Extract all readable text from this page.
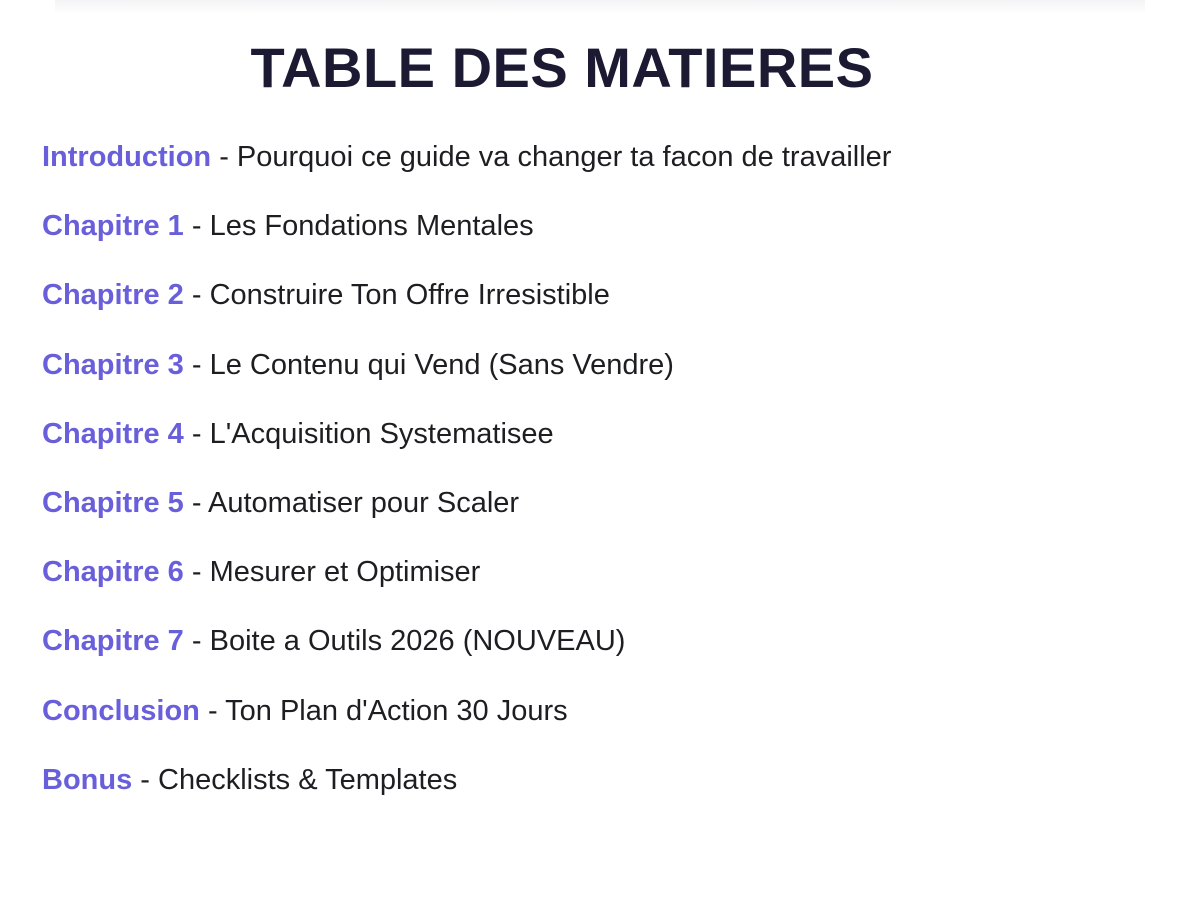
TABLE DES MATIERES
Introduction - Pourquoi ce guide va changer ta facon de travailler
Chapitre 1 - Les Fondations Mentales
Chapitre 2 - Construire Ton Offre Irresistible
Chapitre 3 - Le Contenu qui Vend (Sans Vendre)
Chapitre 4 - L'Acquisition Systematisee
Chapitre 5 - Automatiser pour Scaler
Chapitre 6 - Mesurer et Optimiser
Chapitre 7 - Boite a Outils 2026 (NOUVEAU)
Conclusion - Ton Plan d'Action 30 Jours
Bonus - Checklists & Templates
